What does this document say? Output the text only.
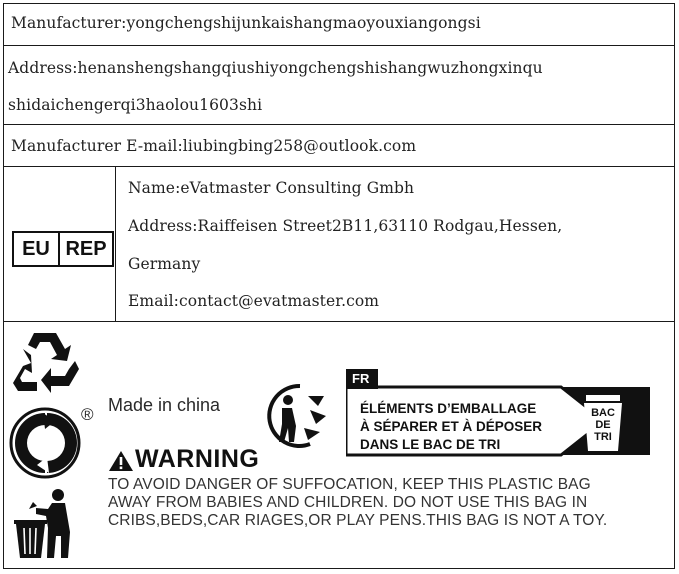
Manufacturer:yongchengshijunkaishangmaoyouxiangongsi
Address:henanshengshangqiushiyongchengshishangwuzhongxinqu
shidaichengerqi3haolou1603shi
Manufacturer E-mail:liubingbing258@outlook.com
EU REP
Name:eVatmaster Consulting Gmbh
Address:Raiffeisen Street2B11,63110 Rodgau,Hessen,
Germany
Email:contact@evatmaster.com
® Made in china
FR
ÉLÉMENTS D’EMBALLAGE
À SÉPARER ET À DÉPOSER
DANS LE BAC DE TRI
BAC
DE
TRI
WARNING
TO AVOID DANGER OF SUFFOCATION, KEEP THIS PLASTIC BAG
AWAY FROM BABIES AND CHILDREN. DO NOT USE THIS BAG IN
CRIBS,BEDS,CAR RIAGES,OR PLAY PENS.THIS BAG IS NOT A TOY.
